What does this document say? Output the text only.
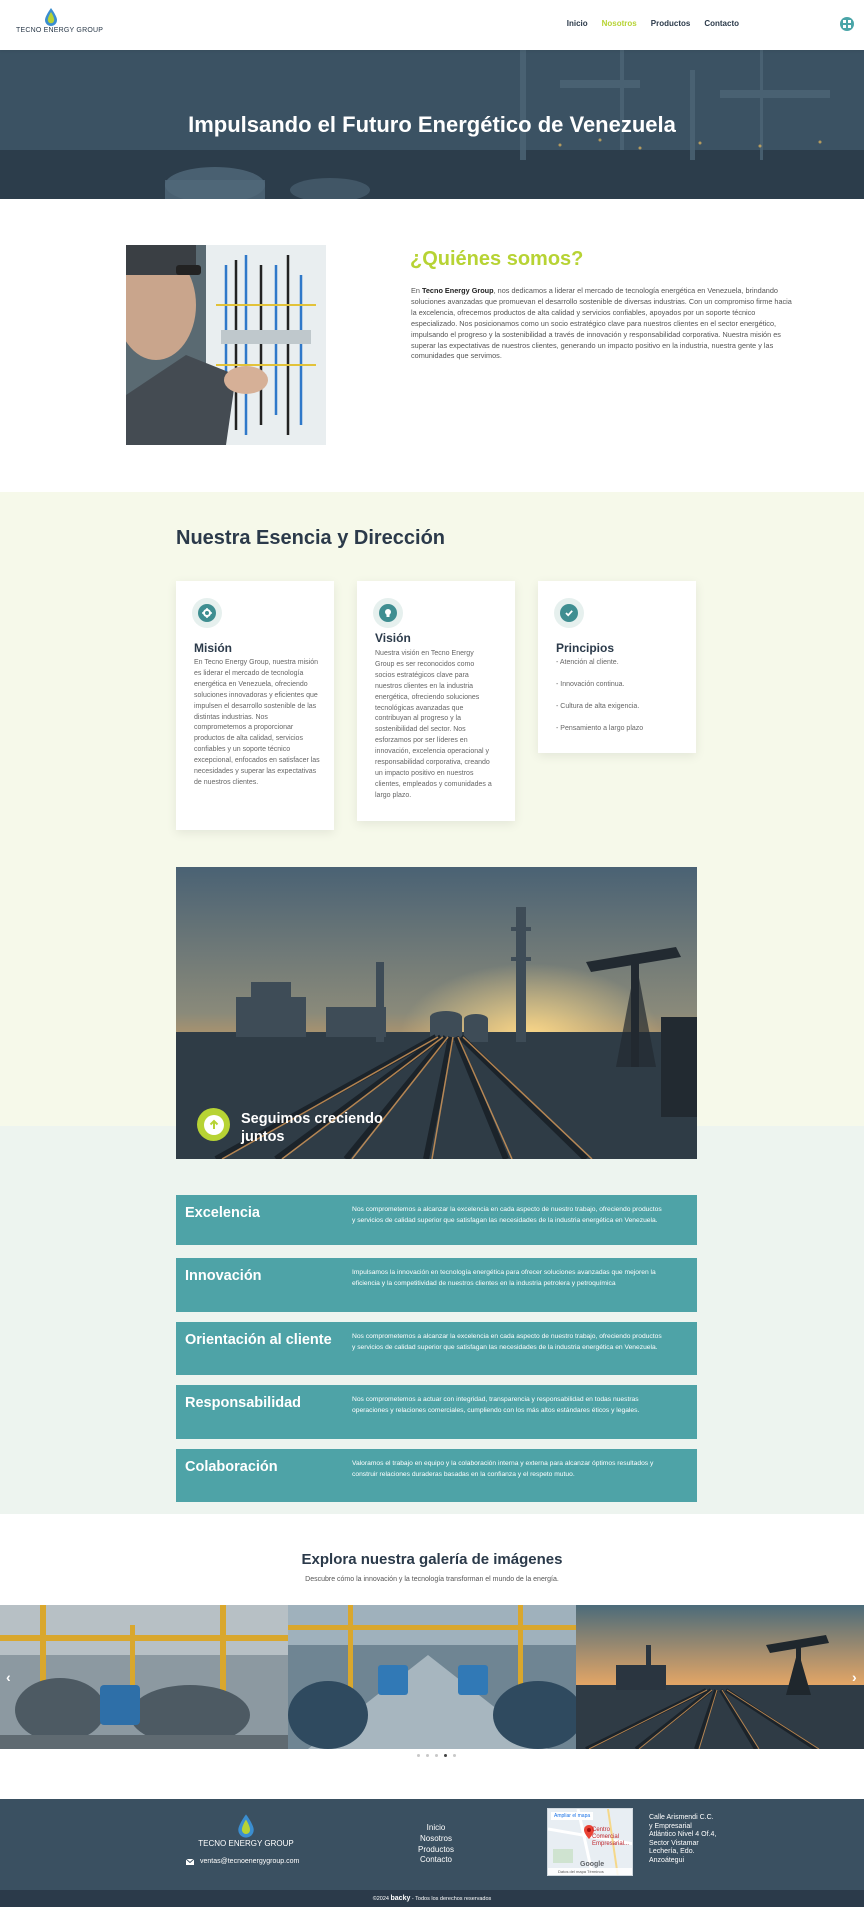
TECNO ENERGY GROUP
Inicio Nosotros Productos Contacto
Impulsando el Futuro Energético de Venezuela
¿Quiénes somos?

En Tecno Energy Group, nos dedicamos a liderar el mercado de tecnología energética en Venezuela, brindando soluciones avanzadas que promuevan el desarrollo sostenible de diversas industrias. Con un compromiso firme hacia la excelencia, ofrecemos productos de alta calidad y servicios confiables, apoyados por un soporte técnico especializado. Nos posicionamos como un socio estratégico clave para nuestros clientes en el sector energético, impulsando el progreso y la sostenibilidad a través de innovación y responsabilidad corporativa. Nuestra misión es superar las expectativas de nuestros clientes, generando un impacto positivo en la industria, nuestra gente y las comunidades que servimos.

Nuestra Esencia y Dirección
Misión
En Tecno Energy Group, nuestra misión es liderar el mercado de tecnología energética en Venezuela, ofreciendo soluciones innovadoras y eficientes que impulsen el desarrollo sostenible de las distintas industrias. Nos comprometemos a proporcionar productos de alta calidad, servicios confiables y un soporte técnico excepcional, enfocados en satisfacer las necesidades y superar las expectativas de nuestros clientes.
Visión
Nuestra visión en Tecno Energy Group es ser reconocidos como socios estratégicos clave para nuestros clientes en la industria energética, ofreciendo soluciones tecnológicas avanzadas que contribuyan al progreso y la sostenibilidad del sector. Nos esforzamos por ser líderes en innovación, excelencia operacional y responsabilidad corporativa, creando un impacto positivo en nuestros clientes, empleados y comunidades a largo plazo.
Principios
- Atención al cliente.
- Innovación continua.
- Cultura de alta exigencia.
- Pensamiento a largo plazo
Seguimos creciendo juntos
Excelencia	Nos comprometemos a alcanzar la excelencia en cada aspecto de nuestro trabajo, ofreciendo productos y servicios de calidad superior que satisfagan las necesidades de la industria energética en Venezuela.
Innovación	Impulsamos la innovación en tecnología energética para ofrecer soluciones avanzadas que mejoren la eficiencia y la competitividad de nuestros clientes en la industria petrolera y petroquímica
Orientación al cliente	Nos comprometemos a alcanzar la excelencia en cada aspecto de nuestro trabajo, ofreciendo productos y servicios de calidad superior que satisfagan las necesidades de la industria energética en Venezuela.
Responsabilidad	Nos comprometemos a actuar con integridad, transparencia y responsabilidad en todas nuestras operaciones y relaciones comerciales, cumpliendo con los más altos estándares éticos y legales.
Colaboración	Valoramos el trabajo en equipo y la colaboración interna y externa para alcanzar óptimos resultados y construir relaciones duraderas basadas en la confianza y el respeto mutuo.
Explora nuestra galería de imágenes
Descubre cómo la innovación y la tecnología transforman el mundo de la energía.
‹	›
TECNO ENERGY GROUP
ventas@tecnoenergygroup.com
Inicio
Nosotros
Productos
Contacto
Ampliar el mapa
Centro Comercial Empresarial...
Google
Datos del mapa Términos
Calle Arismendi C.C. y Empresarial Atlántico Nivel 4 Of.4, Sector Vistamar Lechería, Edo. Anzoátegui
©2024 backy - Todos los derechos reservados
